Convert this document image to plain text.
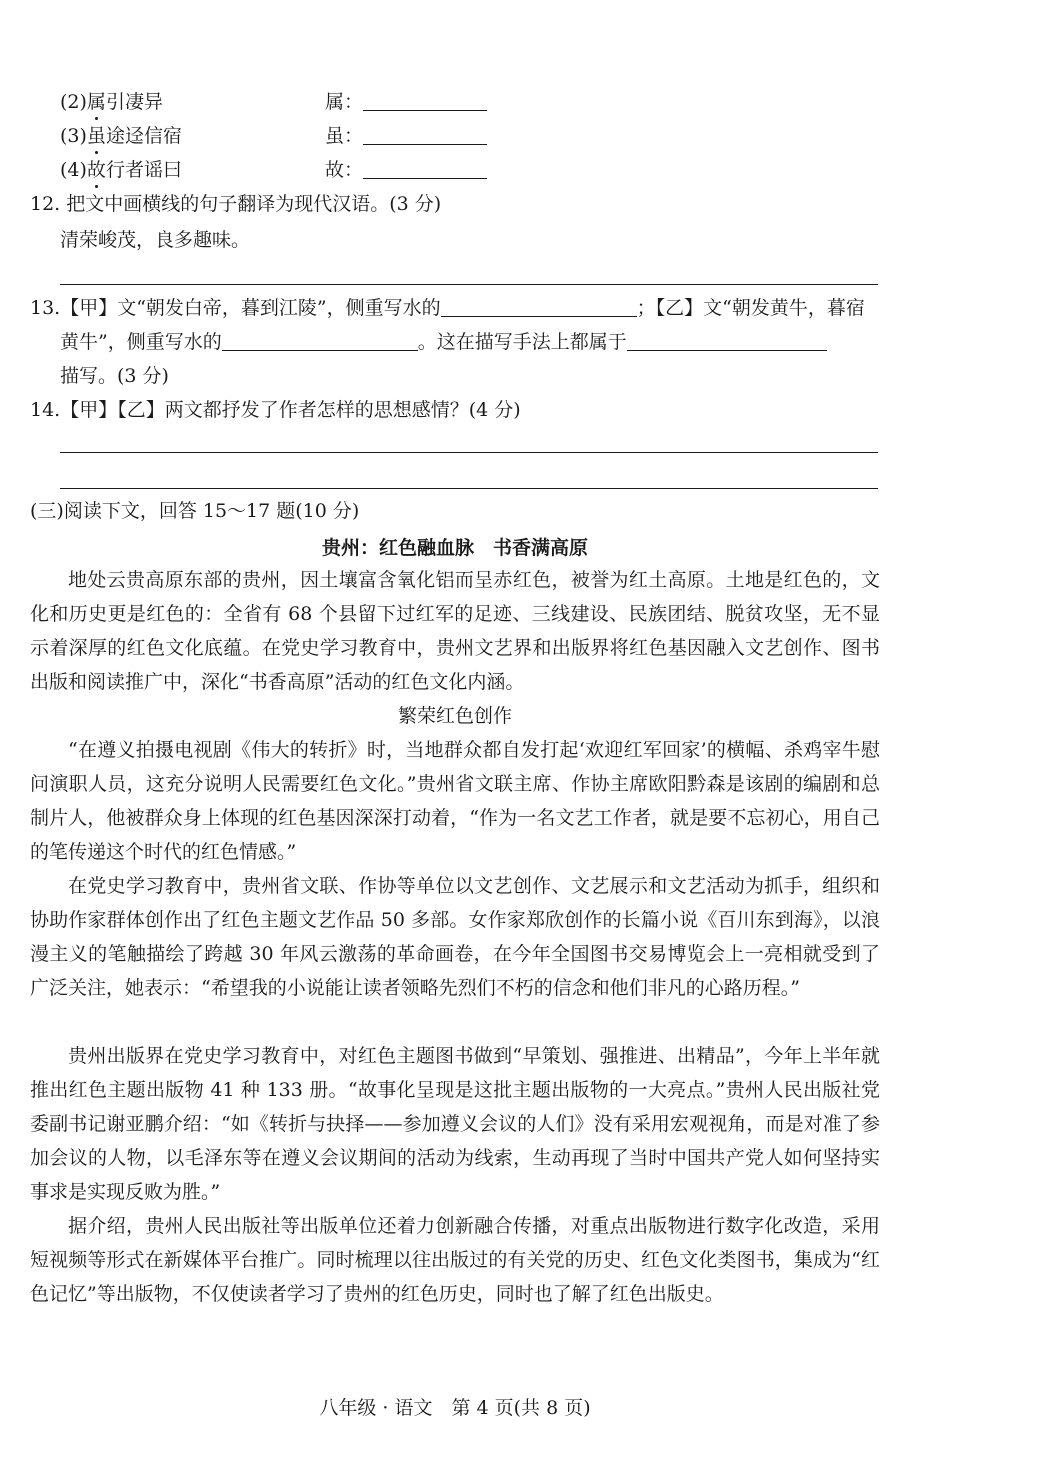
(2)属引凄异	属：
(3)虽途迳信宿	虽：
(4)故行者谣曰	故：
12. 把文中画横线的句子翻译为现代汉语。(3 分)
清荣峻茂，良多趣味。
13.【甲】文“朝发白帝，暮到江陵”，侧重写水的	；【乙】文“朝发黄牛，暮宿
黄牛”，侧重写水的	。这在描写手法上都属于
描写。(3 分)
14.【甲】【乙】两文都抒发了作者怎样的思想感情？(4 分)
(三)阅读下文，回答 15～17 题(10 分)
贵州：红色融血脉　书香满高原
地处云贵高原东部的贵州，因土壤富含氧化铝而呈赤红色，被誉为红土高原。土地是红色的，文化和历史更是红色的：全省有 68 个县留下过红军的足迹、三线建设、民族团结、脱贫攻坚，无不显示着深厚的红色文化底蕴。在党史学习教育中，贵州文艺界和出版界将红色基因融入文艺创作、图书出版和阅读推广中，深化“书香高原”活动的红色文化内涵。
繁荣红色创作
“在遵义拍摄电视剧《伟大的转折》时，当地群众都自发打起‘欢迎红军回家’的横幅、杀鸡宰牛慰问演职人员，这充分说明人民需要红色文化。”贵州省文联主席、作协主席欧阳黔森是该剧的编剧和总制片人，他被群众身上体现的红色基因深深打动着，“作为一名文艺工作者，就是要不忘初心，用自己的笔传递这个时代的红色情感。”
在党史学习教育中，贵州省文联、作协等单位以文艺创作、文艺展示和文艺活动为抓手，组织和协助作家群体创作出了红色主题文艺作品 50 多部。女作家郑欣创作的长篇小说《百川东到海》，以浪漫主义的笔触描绘了跨越 30 年风云激荡的革命画卷，在今年全国图书交易博览会上一亮相就受到了广泛关注，她表示：“希望我的小说能让读者领略先烈们不朽的信念和他们非凡的心路历程。”
贵州出版界在党史学习教育中，对红色主题图书做到“早策划、强推进、出精品”，今年上半年就推出红色主题出版物 41 种 133 册。“故事化呈现是这批主题出版物的一大亮点。”贵州人民出版社党委副书记谢亚鹏介绍：“如《转折与抉择——参加遵义会议的人们》没有采用宏观视角，而是对准了参加会议的人物，以毛泽东等在遵义会议期间的活动为线索，生动再现了当时中国共产党人如何坚持实事求是实现反败为胜。”
据介绍，贵州人民出版社等出版单位还着力创新融合传播，对重点出版物进行数字化改造，采用短视频等形式在新媒体平台推广。同时梳理以往出版过的有关党的历史、红色文化类图书，集成为“红色记忆”等出版物，不仅使读者学习了贵州的红色历史，同时也了解了红色出版史。
八年级 · 语文　第 4 页(共 8 页)
